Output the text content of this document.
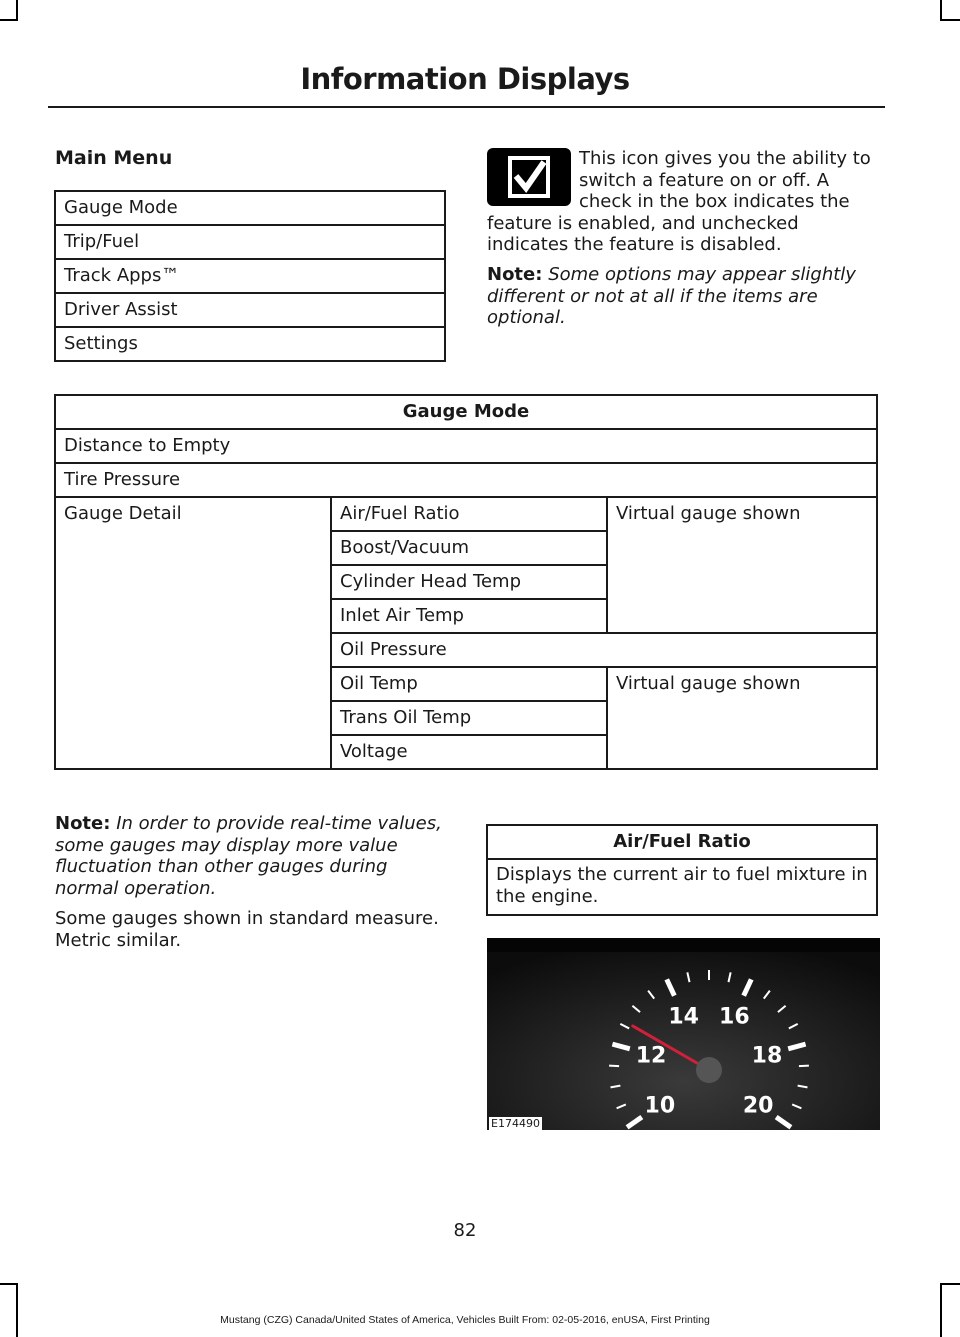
Information Displays
Main Menu
Gauge Mode
Trip/Fuel
Track Apps™
Driver Assist
Settings
This icon gives you the ability to switch a feature on or off. A check in the box indicates the feature is enabled, and unchecked indicates the feature is disabled.
Note: Some options may appear slightly different or not at all if the items are optional.
Gauge Mode		
Distance to Empty		
Tire Pressure		
Gauge Detail	Air/Fuel Ratio	Virtual gauge shown
	Boost/Vacuum	
	Cylinder Head Temp	
	Inlet Air Temp	
	Oil Pressure	
	Oil Temp	Virtual gauge shown
	Trans Oil Temp	
	Voltage	
Note: In order to provide real-time values, some gauges may display more value fluctuation than other gauges during normal operation.
Some gauges shown in standard measure. Metric similar.
Air/Fuel Ratio
Displays the current air to fuel mixture in the engine.
10
12
14 16
18
20
E174490
82
Mustang (CZG) Canada/United States of America, Vehicles Built From: 02-05-2016, enUSA, First Printing
